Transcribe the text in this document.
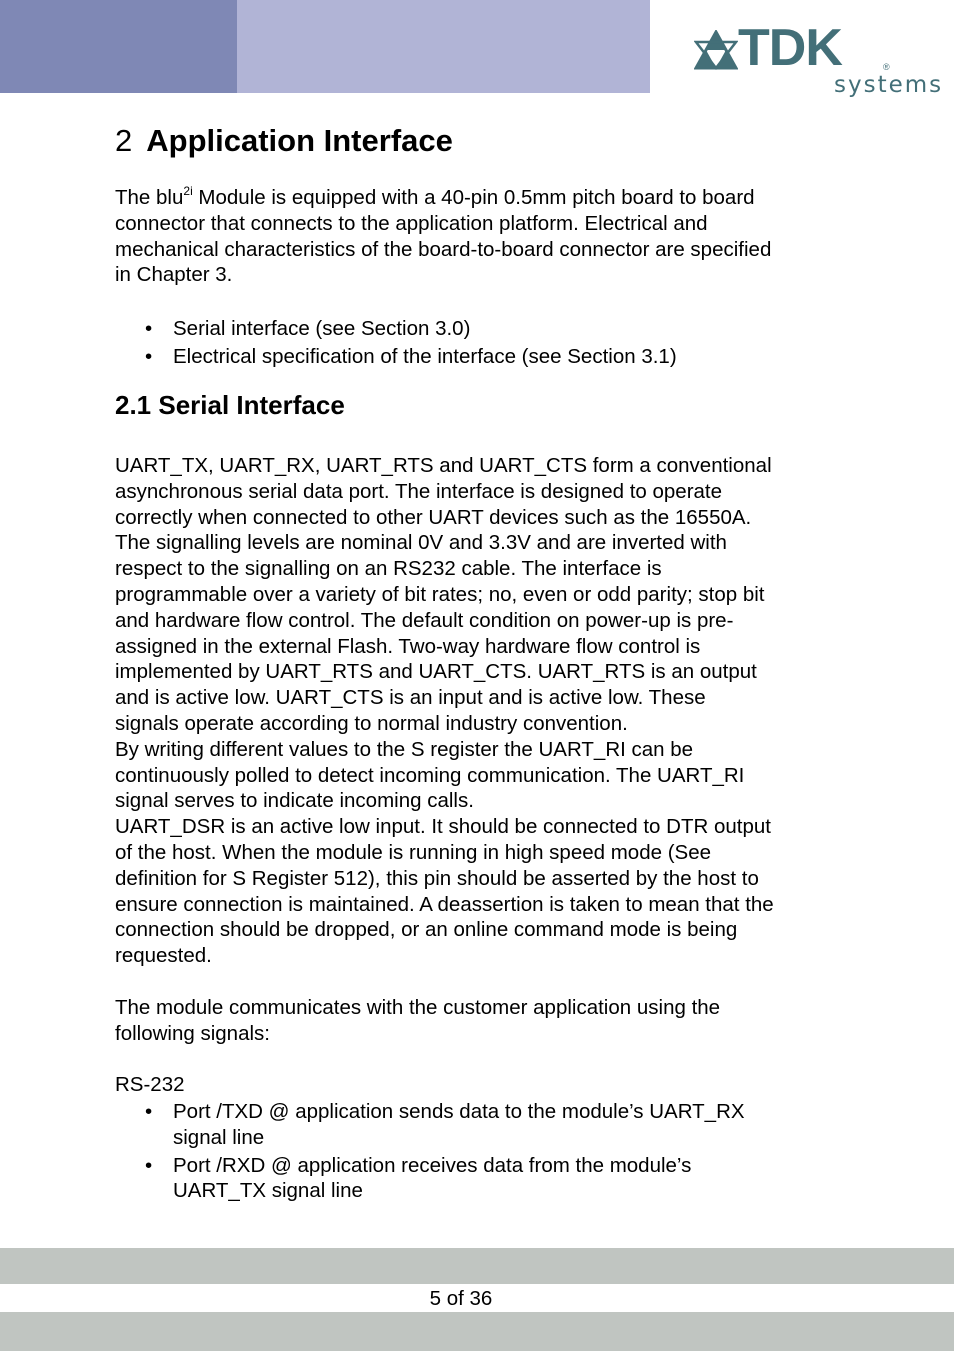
TDK	®
systems
2 Application Interface
The blu$^{2i}$ Module is equipped with a 40-pin 0.5mm pitch board to board
connector that connects to the application platform. Electrical and
mechanical characteristics of the board-to-board connector are specified
in Chapter 3.
• Serial interface (see Section 3.0)
• Electrical specification of the interface (see Section 3.1)
2.1 Serial Interface
UART_TX, UART_RX, UART_RTS and UART_CTS form a conventional
asynchronous serial data port. The interface is designed to operate
correctly when connected to other UART devices such as the 16550A.
The signalling levels are nominal 0V and 3.3V and are inverted with
respect to the signalling on an RS232 cable. The interface is
programmable over a variety of bit rates; no, even or odd parity; stop bit
and hardware flow control. The default condition on power-up is pre-
assigned in the external Flash. Two-way hardware flow control is
implemented by UART_RTS and UART_CTS. UART_RTS is an output
and is active low. UART_CTS is an input and is active low. These
signals operate according to normal industry convention.
By writing different values to the S register the UART_RI can be
continuously polled to detect incoming communication. The UART_RI
signal serves to indicate incoming calls.
UART_DSR is an active low input. It should be connected to DTR output
of the host. When the module is running in high speed mode (See
definition for S Register 512), this pin should be asserted by the host to
ensure connection is maintained. A deassertion is taken to mean that the
connection should be dropped, or an online command mode is being
requested.
The module communicates with the customer application using the
following signals:
RS-232
• Port /TXD @ application sends data to the module’s UART_RX
signal line
• Port /RXD @ application receives data from the module’s
UART_TX signal line
5 of 36
